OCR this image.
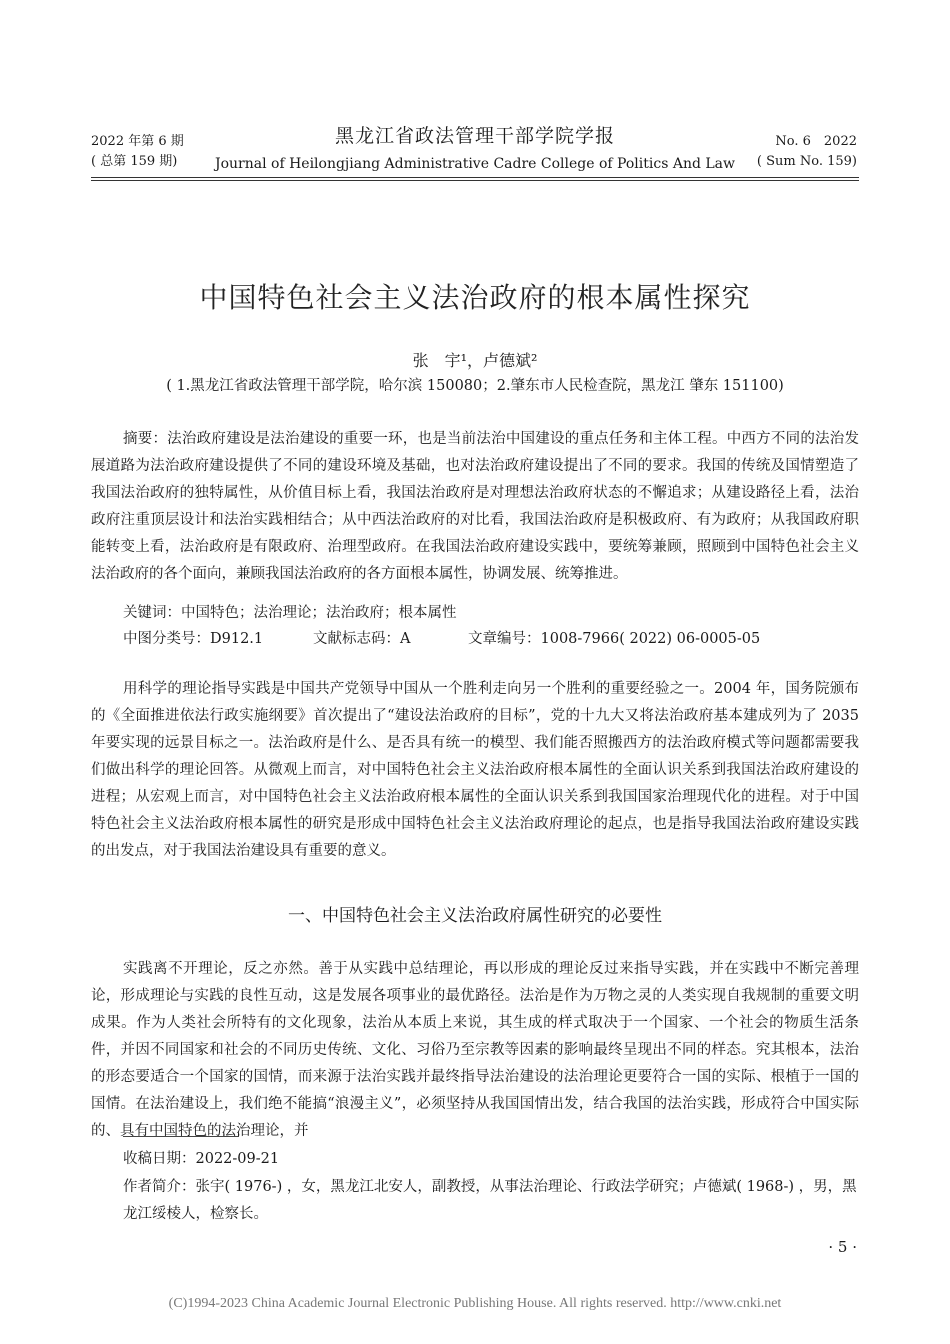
2022 年第 6 期
( 总第 159 期)
黑龙江省政法管理干部学院学报
Journal of Heilongjiang Administrative Cadre College of Politics And Law
No. 6　2022
( Sum No. 159)
中国特色社会主义法治政府的根本属性探究
张　宇¹，卢德斌²
( 1.黑龙江省政法管理干部学院，哈尔滨 150080；2.肇东市人民检查院，黑龙江 肇东 151100)
摘要：法治政府建设是法治建设的重要一环，也是当前法治中国建设的重点任务和主体工程。中西方不同的法治发展道路为法治政府建设提供了不同的建设环境及基础，也对法治政府建设提出了不同的要求。我国的传统及国情塑造了我国法治政府的独特属性，从价值目标上看，我国法治政府是对理想法治政府状态的不懈追求；从建设路径上看，法治政府注重顶层设计和法治实践相结合；从中西法治政府的对比看，我国法治政府是积极政府、有为政府；从我国政府职能转变上看，法治政府是有限政府、治理型政府。在我国法治政府建设实践中，要统筹兼顾，照顾到中国特色社会主义法治政府的各个面向，兼顾我国法治政府的各方面根本属性，协调发展、统筹推进。
关键词：中国特色；法治理论；法治政府；根本属性
中图分类号：D912.1	文献标志码：A	文章编号：1008-7966( 2022) 06-0005-05
用科学的理论指导实践是中国共产党领导中国从一个胜利走向另一个胜利的重要经验之一。2004 年，国务院颁布的《全面推进依法行政实施纲要》首次提出了“建设法治政府的目标”，党的十九大又将法治政府基本建成列为了 2035 年要实现的远景目标之一。法治政府是什么、是否具有统一的模型、我们能否照搬西方的法治政府模式等问题都需要我们做出科学的理论回答。从微观上而言，对中国特色社会主义法治政府根本属性的全面认识关系到我国法治政府建设的进程；从宏观上而言，对中国特色社会主义法治政府根本属性的全面认识关系到我国国家治理现代化的进程。对于中国特色社会主义法治政府根本属性的研究是形成中国特色社会主义法治政府理论的起点，也是指导我国法治政府建设实践的出发点，对于我国法治建设具有重要的意义。
一、中国特色社会主义法治政府属性研究的必要性
实践离不开理论，反之亦然。善于从实践中总结理论，再以形成的理论反过来指导实践，并在实践中不断完善理论，形成理论与实践的良性互动，这是发展各项事业的最优路径。法治是作为万物之灵的人类实现自我规制的重要文明成果。作为人类社会所特有的文化现象，法治从本质上来说，其生成的样式取决于一个国家、一个社会的物质生活条件，并因不同国家和社会的不同历史传统、文化、习俗乃至宗教等因素的影响最终呈现出不同的样态。究其根本，法治的形态要适合一个国家的国情，而来源于法治实践并最终指导法治建设的法治理论更要符合一国的实际、根植于一国的国情。在法治建设上，我们绝不能搞“浪漫主义”，必须坚持从我国国情出发，结合我国的法治实践，形成符合中国实际的、具有中国特色的法治理论，并
收稿日期：2022-09-21
作者简介：张宇( 1976-) ，女，黑龙江北安人，副教授，从事法治理论、行政法学研究；卢德斌( 1968-) ，男，黑龙江绥棱人，检察长。
· 5 ·
(C)1994-2023 China Academic Journal Electronic Publishing House. All rights reserved. http://www.cnki.net
